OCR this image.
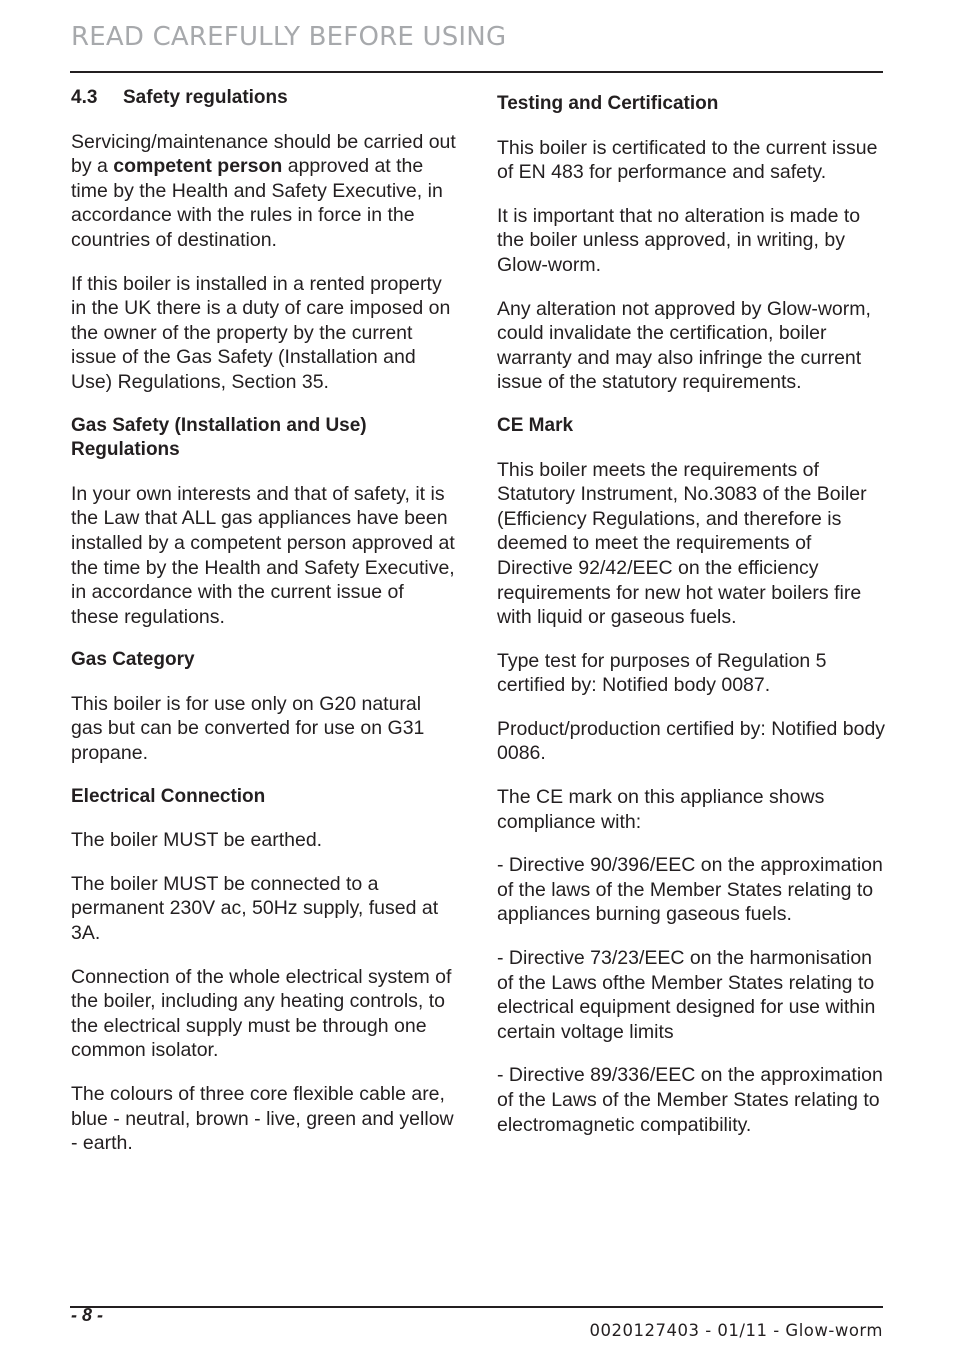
READ CAREFULLY BEFORE USING
4.3 Safety regulations

Servicing/maintenance should be carried out by a competent person approved at the time by the Health and Safety Executive, in accordance with the rules in force in the countries of destination.

If this boiler is installed in a rented property in the UK there is a duty of care imposed on the owner of the property by the current issue of the Gas Safety (Installation and Use) Regulations, Section 35.

Gas Safety (Installation and Use) Regulations

In your own interests and that of safety, it is the Law that ALL gas appliances have been installed by a competent person approved at the time by the Health and Safety Executive, in accordance with the current issue of these regulations.

Gas Category

This boiler is for use only on G20 natural gas but can be converted for use on G31 propane.

Electrical Connection

The boiler MUST be earthed.

The boiler MUST be connected to a permanent 230V ac, 50Hz supply, fused at 3A.

Connection of the whole electrical system of the boiler, including any heating controls, to the electrical supply must be through one common isolator.

The colours of three core flexible cable are, blue - neutral, brown - live, green and yellow - earth.

Testing and Certification

This boiler is certificated to the current issue of EN 483 for performance and safety.

It is important that no alteration is made to the boiler unless approved, in writing, by Glow-worm.

Any alteration not approved by Glow-worm, could invalidate the certification, boiler warranty and may also infringe the current issue of the statutory requirements.

CE Mark

This boiler meets the requirements of Statutory Instrument, No.3083 of the Boiler (Efficiency Regulations, and therefore is deemed to meet the requirements of Directive 92/42/EEC on the efficiency requirements for new hot water boilers fire with liquid or gaseous fuels.

Type test for purposes of Regulation 5 certified by: Notified body 0087.

Product/production certified by: Notified body 0086.

The CE mark on this appliance shows compliance with:

- Directive 90/396/EEC on the approximation of the laws of the Member States relating to appliances burning gaseous fuels.

- Directive 73/23/EEC on the harmonisation of the Laws ofthe Member States relating to electrical equipment designed for use within certain voltage limits

- Directive 89/336/EEC on the approximation of the Laws of the Member States relating to electromagnetic compatibility.

- 8 -
0020127403 - 01/11 - Glow-worm
